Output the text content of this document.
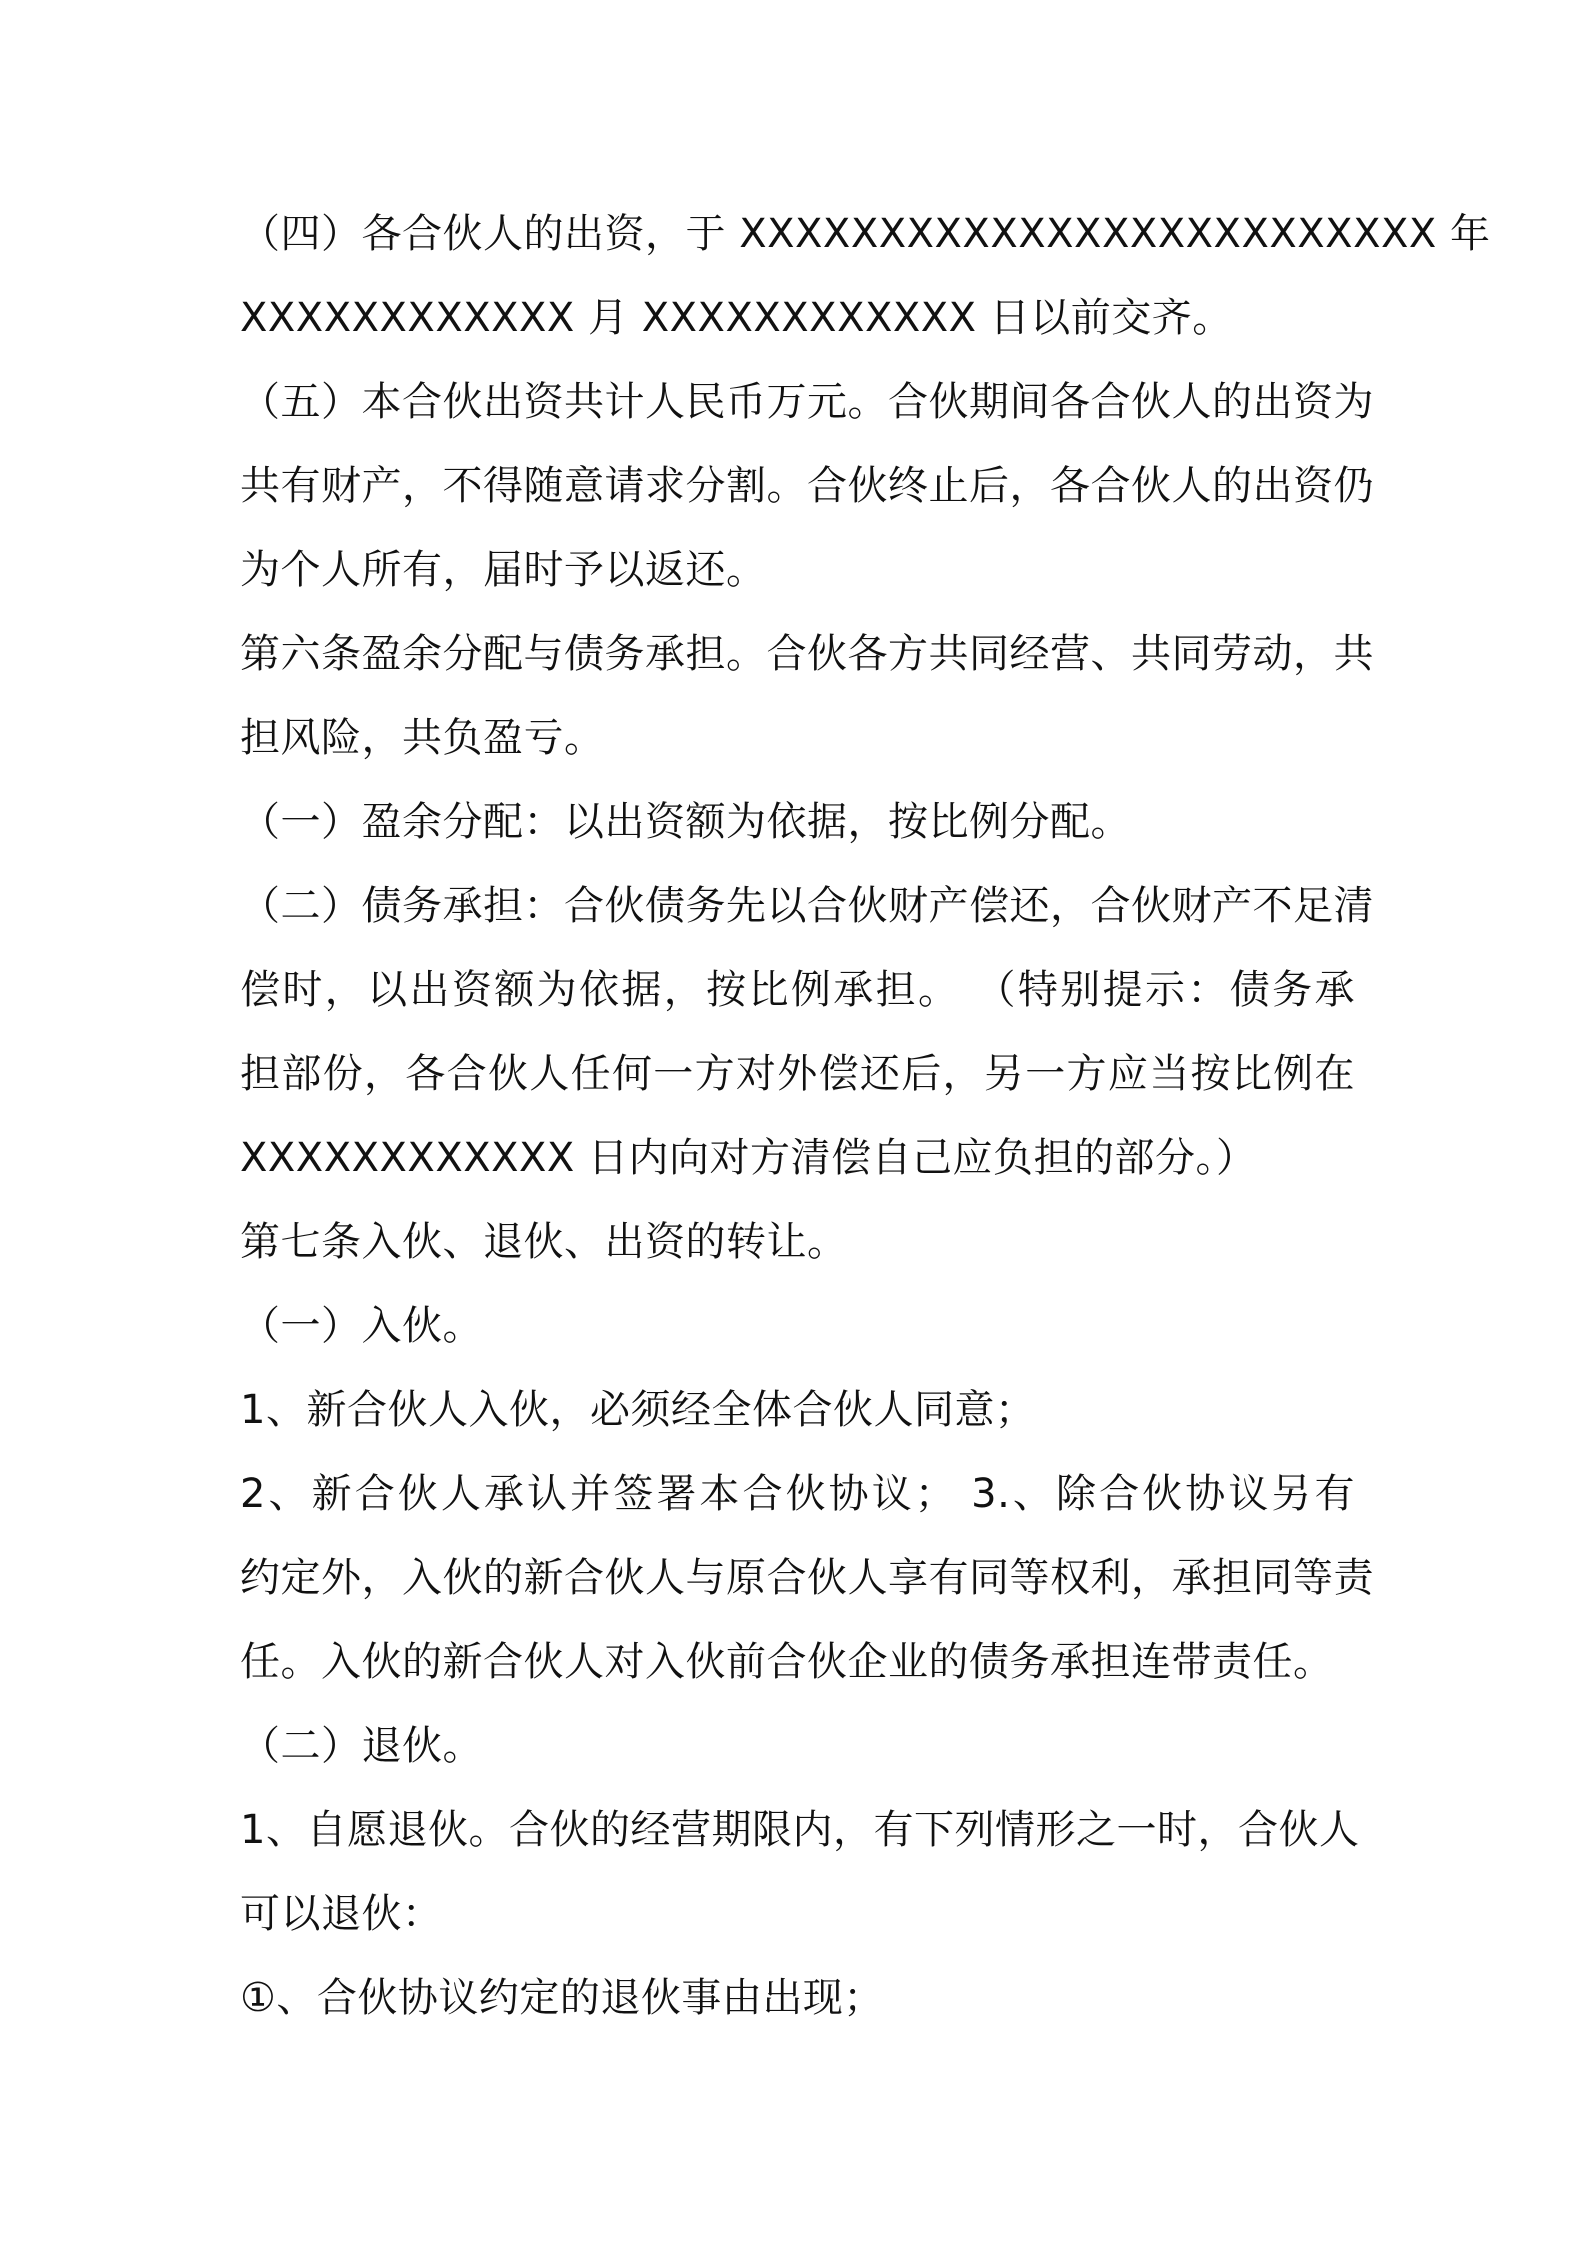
（四）各合伙人的出资，于 XXXXXXXXXXXXXXXXXXXXXXXXX 年
XXXXXXXXXXXX 月 XXXXXXXXXXXX 日以前交齐。
（五）本合伙出资共计人民币万元。合伙期间各合伙人的出资为
共有财产，不得随意请求分割。合伙终止后，各合伙人的出资仍
为个人所有，届时予以返还。
第六条盈余分配与债务承担。合伙各方共同经营、共同劳动，共
担风险，共负盈亏。
（一）盈余分配：以出资额为依据，按比例分配。
（二）债务承担：合伙债务先以合伙财产偿还，合伙财产不足清
偿时，以出资额为依据，按比例承担。 （特别提示：债务承
担部份，各合伙人任何一方对外偿还后，另一方应当按比例在
XXXXXXXXXXXX 日内向对方清偿自己应负担的部分。）
第七条入伙、退伙、出资的转让。
（一）入伙。
1、新合伙人入伙，必须经全体合伙人同意；
2、新合伙人承认并签署本合伙协议； 3.、除合伙协议另有
约定外，入伙的新合伙人与原合伙人享有同等权利，承担同等责
任。入伙的新合伙人对入伙前合伙企业的债务承担连带责任。
（二）退伙。
1、自愿退伙。合伙的经营期限内，有下列情形之一时，合伙人
可以退伙：
①、合伙协议约定的退伙事由出现；
